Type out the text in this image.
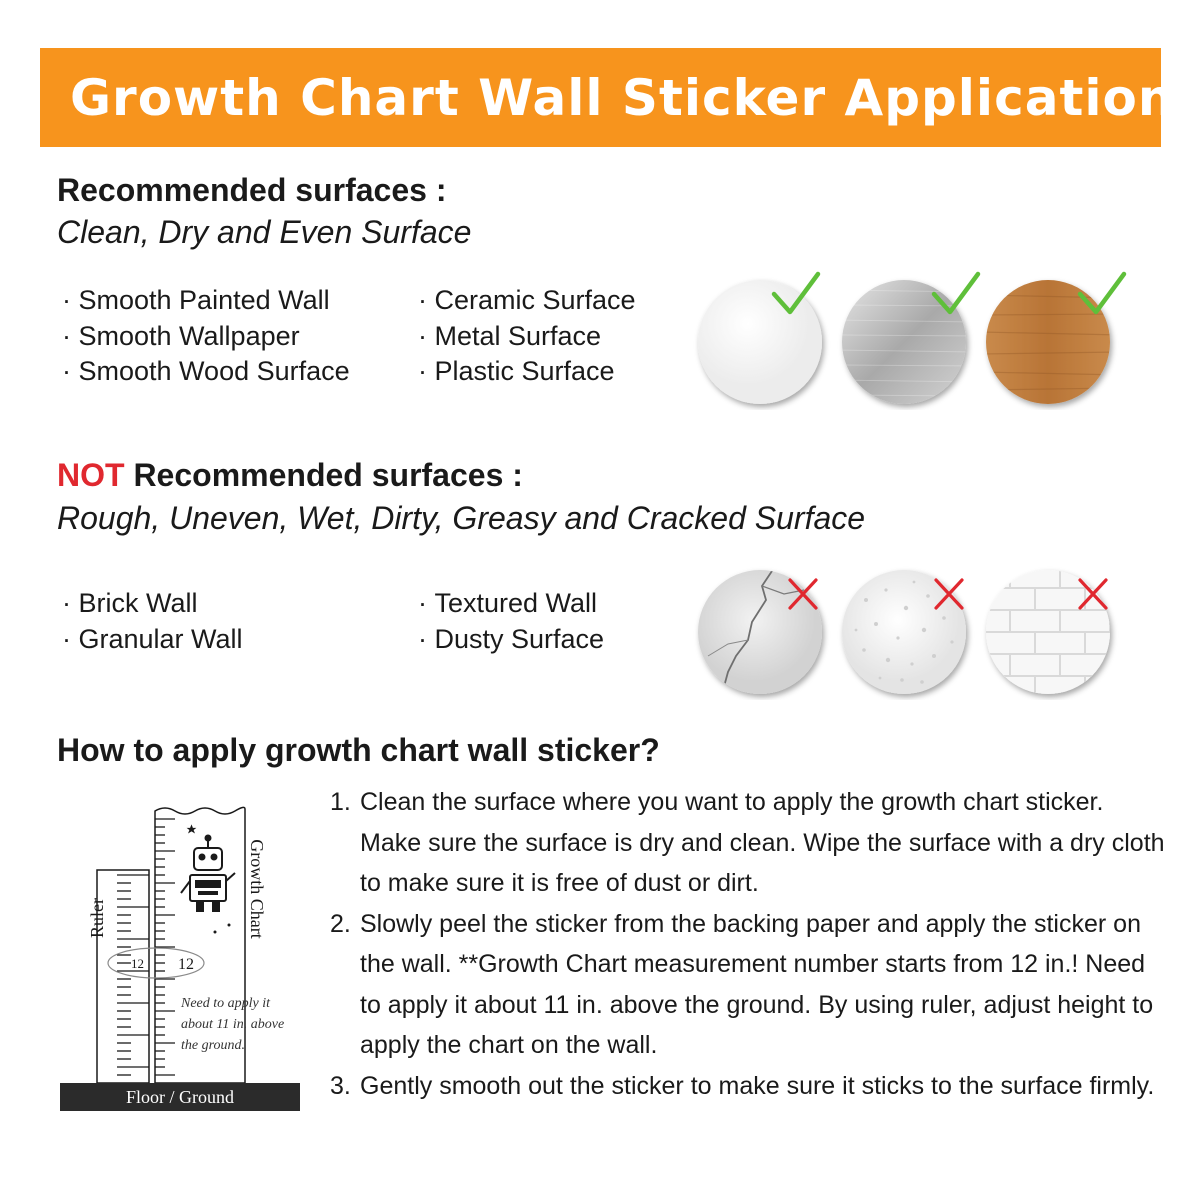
Growth Chart Wall Sticker Application
Recommended surfaces :
Clean, Dry and Even Surface
· Smooth Painted Wall
· Smooth Wallpaper
· Smooth Wood Surface
· Ceramic Surface
· Metal Surface
· Plastic Surface
NOT Recommended surfaces :
Rough, Uneven, Wet, Dirty, Greasy and Cracked Surface
· Brick Wall
· Granular Wall
· Textured Wall
· Dusty Surface
How to apply growth chart wall sticker?
1. Clean the surface where you want to apply the growth chart sticker. Make sure the surface is dry and clean. Wipe the surface with a dry cloth to make sure it is free of dust or dirt.
2. Slowly peel the sticker from the backing paper and apply the sticker on the wall. **Growth Chart measurement number starts from 12 in.! Need to apply it about 11 in. above the ground. By using ruler, adjust height to apply the chart on the wall.
3. Gently smooth out the sticker to make sure it sticks to the surface firmly.
Ruler	Growth Chart
12 12
Need to apply it
about 11 in. above
the ground.
Floor / Ground
